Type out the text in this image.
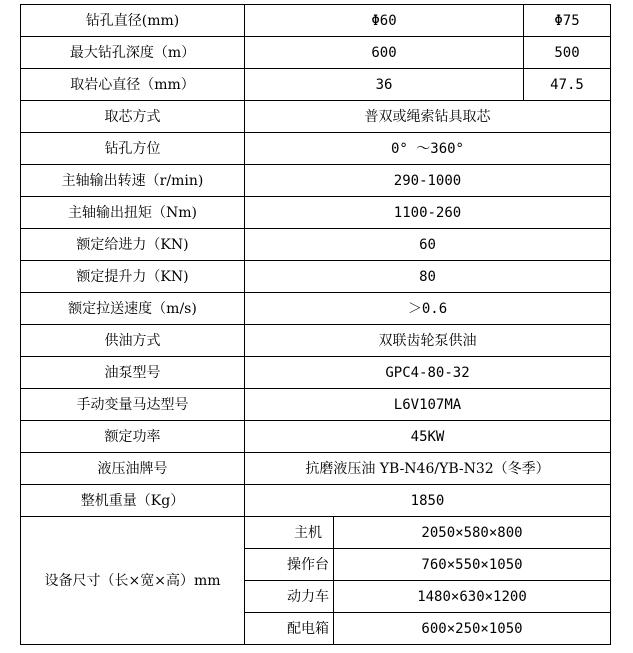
钻孔直径(mm)	Φ60		Φ75
最大钻孔深度（m）	600		500
取岩心直径（mm）	36		47.5
取芯方式	普双或绳索钻具取芯		
钻孔方位	0° ～360°		
主轴输出转速（r/min)	290-1000		
主轴输出扭矩（Nm)	1100-260		
额定给进力（KN)	60		
额定提升力（KN)	80		
额定拉送速度（m/s)	＞0.6		
供油方式	双联齿轮泵供油		
油泵型号	GPC4-80-32		
手动变量马达型号	L6V107MA		
额定功率	45KW		
液压油牌号	抗磨液压油 YB-N46/YB-N32（冬季）		
整机重量（Kg）	1850		
设备尺寸（长×宽×高）mm	主机	2050×580×800	
	操作台	760×550×1050	
	动力车	1480×630×1200	
	配电箱	600×250×1050	
